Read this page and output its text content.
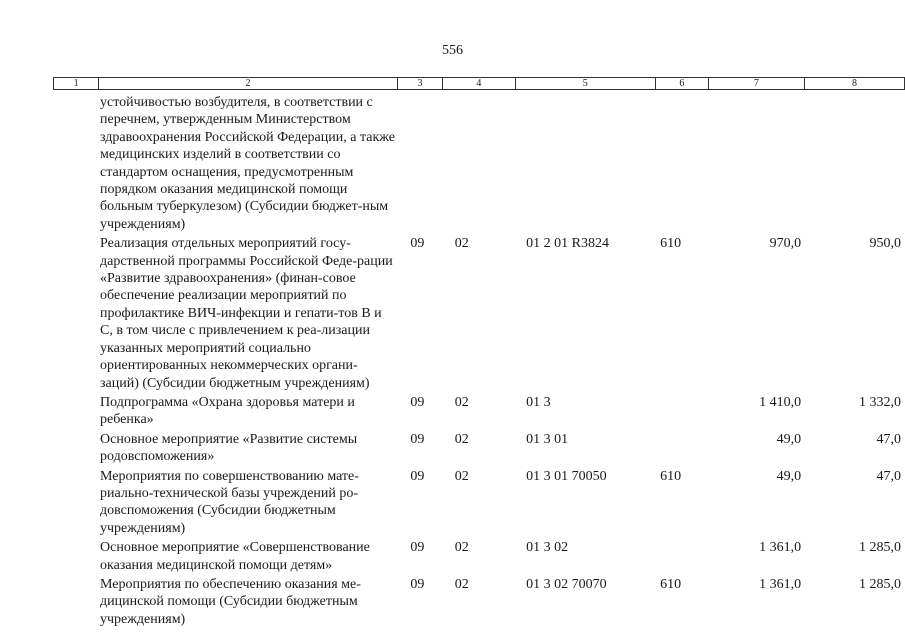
556
1	2	3	4	5	6	7	8
устойчивостью возбудителя, в соответствии с перечнем, утвержденным Министерством здравоохранения Российской Федерации, а также медицинских изделий в соответствии со стандартом оснащения, предусмотренным порядком оказания медицинской помощи больным туберкулезом) (Субсидии бюджет-ным учреждениям)						
Реализация отдельных мероприятий госу-дарственной программы Российской Феде-рации «Развитие здравоохранения» (финан-совое обеспечение реализации мероприятий по профилактике ВИЧ-инфекции и гепати-тов В и С, в том числе с привлечением к реа-лизации указанных мероприятий социально ориентированных некоммерческих органи-заций) (Субсидии бюджетным учреждениям)	09	02	01 2 01 R3824	610	970,0	950,0
Подпрограмма «Охрана здоровья матери и ребенка»	09	02	01 3		1 410,0	1 332,0
Основное мероприятие «Развитие системы родовспоможения»	09	02	01 3 01		49,0	47,0
Мероприятия по совершенствованию мате-риально-технической базы учреждений ро-довспоможения (Субсидии бюджетным учреждениям)	09	02	01 3 01 70050	610	49,0	47,0
Основное мероприятие «Совершенствование оказания медицинской помощи детям»	09	02	01 3 02		1 361,0	1 285,0
Мероприятия по обеспечению оказания ме-дицинской помощи (Субсидии бюджетным учреждениям)	09	02	01 3 02 70070	610	1 361,0	1 285,0
